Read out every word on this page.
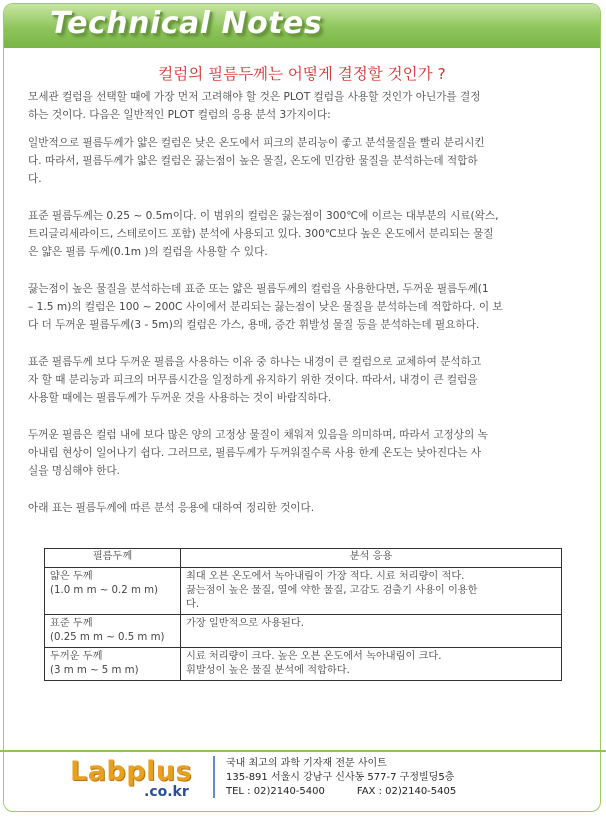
Technical Notes
컬럼의 필름두께는 어떻게 결정할 것인가 ?

모세관 컬럼을 선택할 때에 가장 먼저 고려해야 할 것은 PLOT 컬럼을 사용할 것인가 아닌가를 결정
하는 것이다. 다음은 일반적인 PLOT 컬럼의 응용 분석 3가지이다:

일반적으로 필름두께가 얇은 컬럼은 낮은 온도에서 피크의 분리능이 좋고 분석물질을 빨리 분리시킨
다. 따라서, 필름두께가 얇은 컬럼은 끓는점이 높은 물질, 온도에 민감한 물질을 분석하는데 적합하
다.

표준 필름두께는 0.25 ~ 0.5m이다. 이 범위의 컬럼은 끓는점이 300℃에 이르는 대부분의 시료(왁스,
트리글리세라이드, 스테로이드 포함) 분석에 사용되고 있다. 300℃보다 높은 온도에서 분리되는 물질
은 얇은 필름 두께(0.1m )의 컬럼을 사용할 수 있다.

끓는점이 높은 물질을 분석하는데 표준 또는 얇은 필름두께의 컬럼을 사용한다면, 두꺼운 필름두께(1
– 1.5 m)의 컬럼은 100 ~ 200C 사이에서 분리되는 끓는점이 낮은 물질을 분석하는데 적합하다. 이 보
다 더 두꺼운 필름두께(3 - 5m)의 컬럼은 가스, 용매, 증간 휘발성 물질 등을 분석하는데 필요하다.

표준 필름두께 보다 두꺼운 필름을 사용하는 이유 중 하나는 내경이 큰 컬럼으로 교체하여 분석하고
자 할 때 분리능과 피크의 머무름시간을 일정하게 유지하기 위한 것이다. 따라서, 내경이 큰 컬럼을
사용할 때에는 필름두께가 두꺼운 것을 사용하는 것이 바람직하다.

두꺼운 필름은 컬럼 내에 보다 많은 양의 고정상 물질이 채워져 있음을 의미하며, 따라서 고정상의 녹
아내림 현상이 일어나기 쉽다. 그러므로, 필름두께가 두꺼워질수록 사용 한계 온도는 낮아진다는 사
실을 명심해야 한다.

아래 표는 필름두께에 따른 분석 응용에 대하여 정리한 것이다.

필름두께	분석 응용
얇은 두께
(1.0 m m ~ 0.2 m m)	최대 오븐 온도에서 녹아내림이 가장 적다. 시료 처리량이 적다.
끓는점이 높은 물질, 열에 약한 물질, 고감도 검출기 사용이 이용한
다.
표준 두께
(0.25 m m ~ 0.5 m m)	가장 일반적으로 사용된다.
두꺼운 두께
(3 m m ~ 5 m m)	시료 처리량이 크다. 높은 오븐 온도에서 녹아내림이 크다.
휘발성이 높은 물질 분석에 적합하다.
Labplus
.co.kr
국내 최고의 과학 기자재 전문 사이트
135-891 서울시 강남구 신사동 577-7 구정빌딩5층
TEL : 02)2140-5400	FAX : 02)2140-5405
